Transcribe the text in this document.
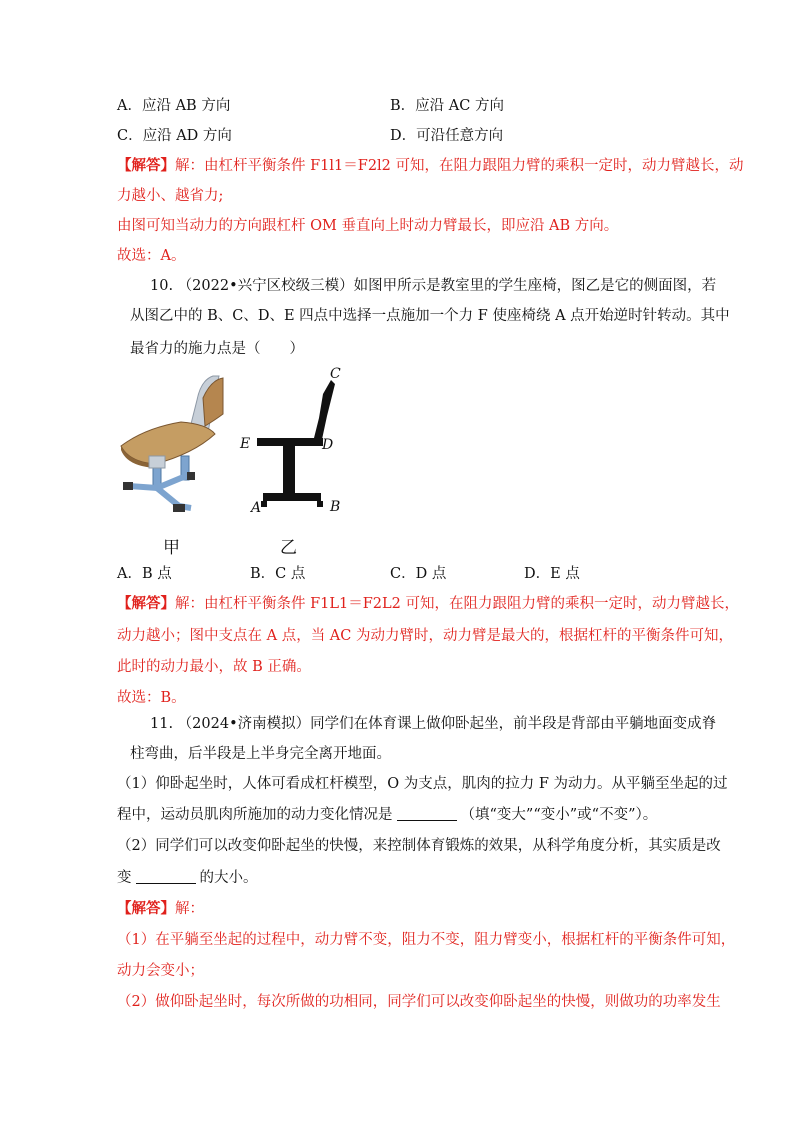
A．应沿 AB 方向	B．应沿 AC 方向
C．应沿 AD 方向	D．可沿任意方向
【解答】解：由杠杆平衡条件 F1l1＝F2l2 可知，在阻力跟阻力臂的乘积一定时，动力臂越长，动
力越小、越省力;
由图可知当动力的方向跟杠杆 OM 垂直向上时动力臂最长，即应沿 AB 方向。
故选：A。
10. （2022•兴宁区校级三模）如图甲所示是教室里的学生座椅，图乙是它的侧面图，若
从图乙中的 B、C、D、E 四点中选择一点施加一个力 F 使座椅绕 A 点开始逆时针转动。其中
最省力的施力点是（　　）
甲
C
E	D
A	B
乙
A．B 点	B．C 点	C．D 点	D．E 点
【解答】解：由杠杆平衡条件 F1L1＝F2L2 可知，在阻力跟阻力臂的乘积一定时，动力臂越长，
动力越小；图中支点在 A 点，当 AC 为动力臂时，动力臂是最大的，根据杠杆的平衡条件可知，
此时的动力最小，故 B 正确。
故选：B。
11. （2024•济南模拟）同学们在体育课上做仰卧起坐，前半段是背部由平躺地面变成脊
柱弯曲，后半段是上半身完全离开地面。
（1）仰卧起坐时，人体可看成杠杆模型，O 为支点，肌肉的拉力 F 为动力。从平躺至坐起的过
程中，运动员肌肉所施加的动力变化情况是	（填“变大”“变小”或“不变”）。
（2）同学们可以改变仰卧起坐的快慢，来控制体育锻炼的效果，从科学角度分析，其实质是改
变	的大小。
【解答】解：
（1）在平躺至坐起的过程中，动力臂不变，阻力不变，阻力臂变小，根据杠杆的平衡条件可知，
动力会变小；
（2）做仰卧起坐时，每次所做的功相同，同学们可以改变仰卧起坐的快慢，则做功的功率发生
